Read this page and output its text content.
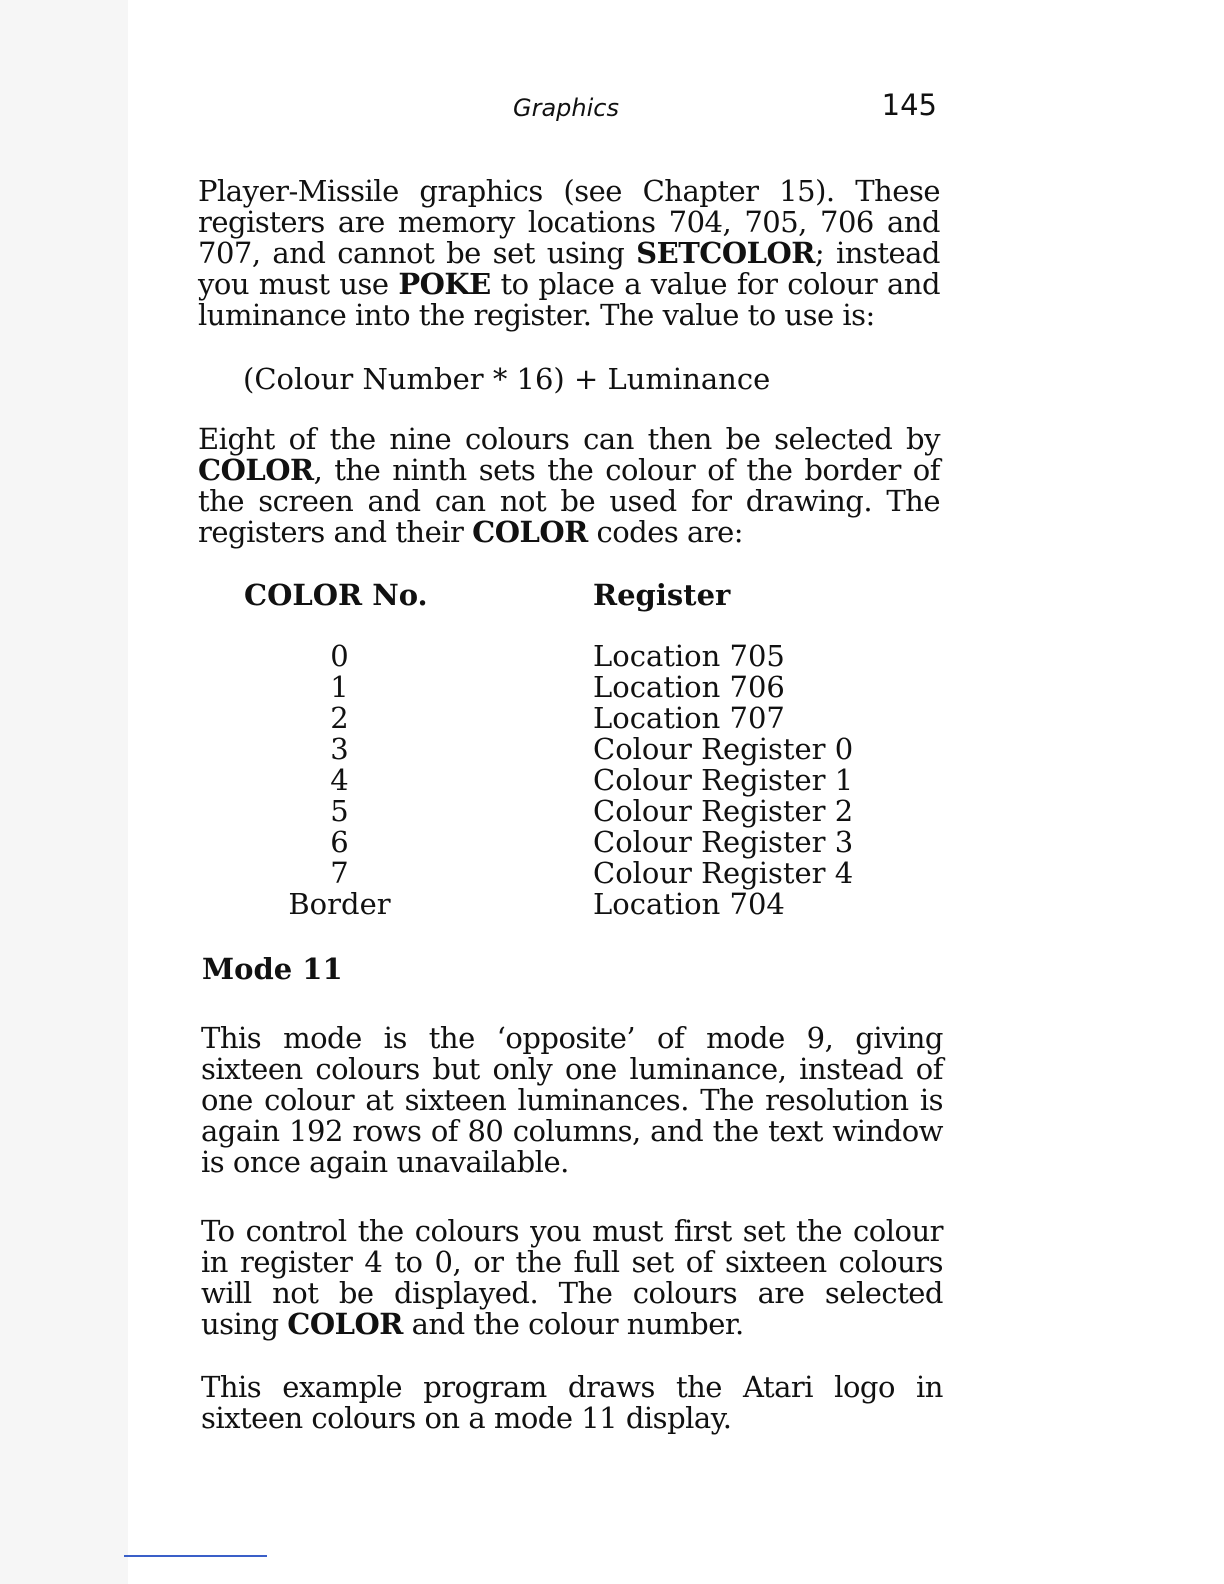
Graphics	145

Player-Missile graphics (see Chapter 15). These registers are memory locations 704, 705, 706 and 707, and cannot be set using SETCOLOR; instead you must use POKE to place a value for colour and luminance into the register. The value to use is:

(Colour Number * 16) + Luminance

Eight of the nine colours can then be selected by COLOR, the ninth sets the colour of the border of the screen and can not be used for drawing. The registers and their COLOR codes are:

COLOR No.	Register

0	Location 705
1	Location 706
2	Location 707
3	Colour Register 0
4	Colour Register 1
5	Colour Register 2
6	Colour Register 3
7	Colour Register 4
Border	Location 704

Mode 11

This mode is the ‘opposite’ of mode 9, giving sixteen colours but only one luminance, instead of one colour at sixteen luminances. The resolution is again 192 rows of 80 columns, and the text window is once again unavailable.

To control the colours you must first set the colour in register 4 to 0, or the full set of sixteen colours will not be displayed. The colours are selected using COLOR and the colour number.

This example program draws the Atari logo in sixteen colours on a mode 11 display.
